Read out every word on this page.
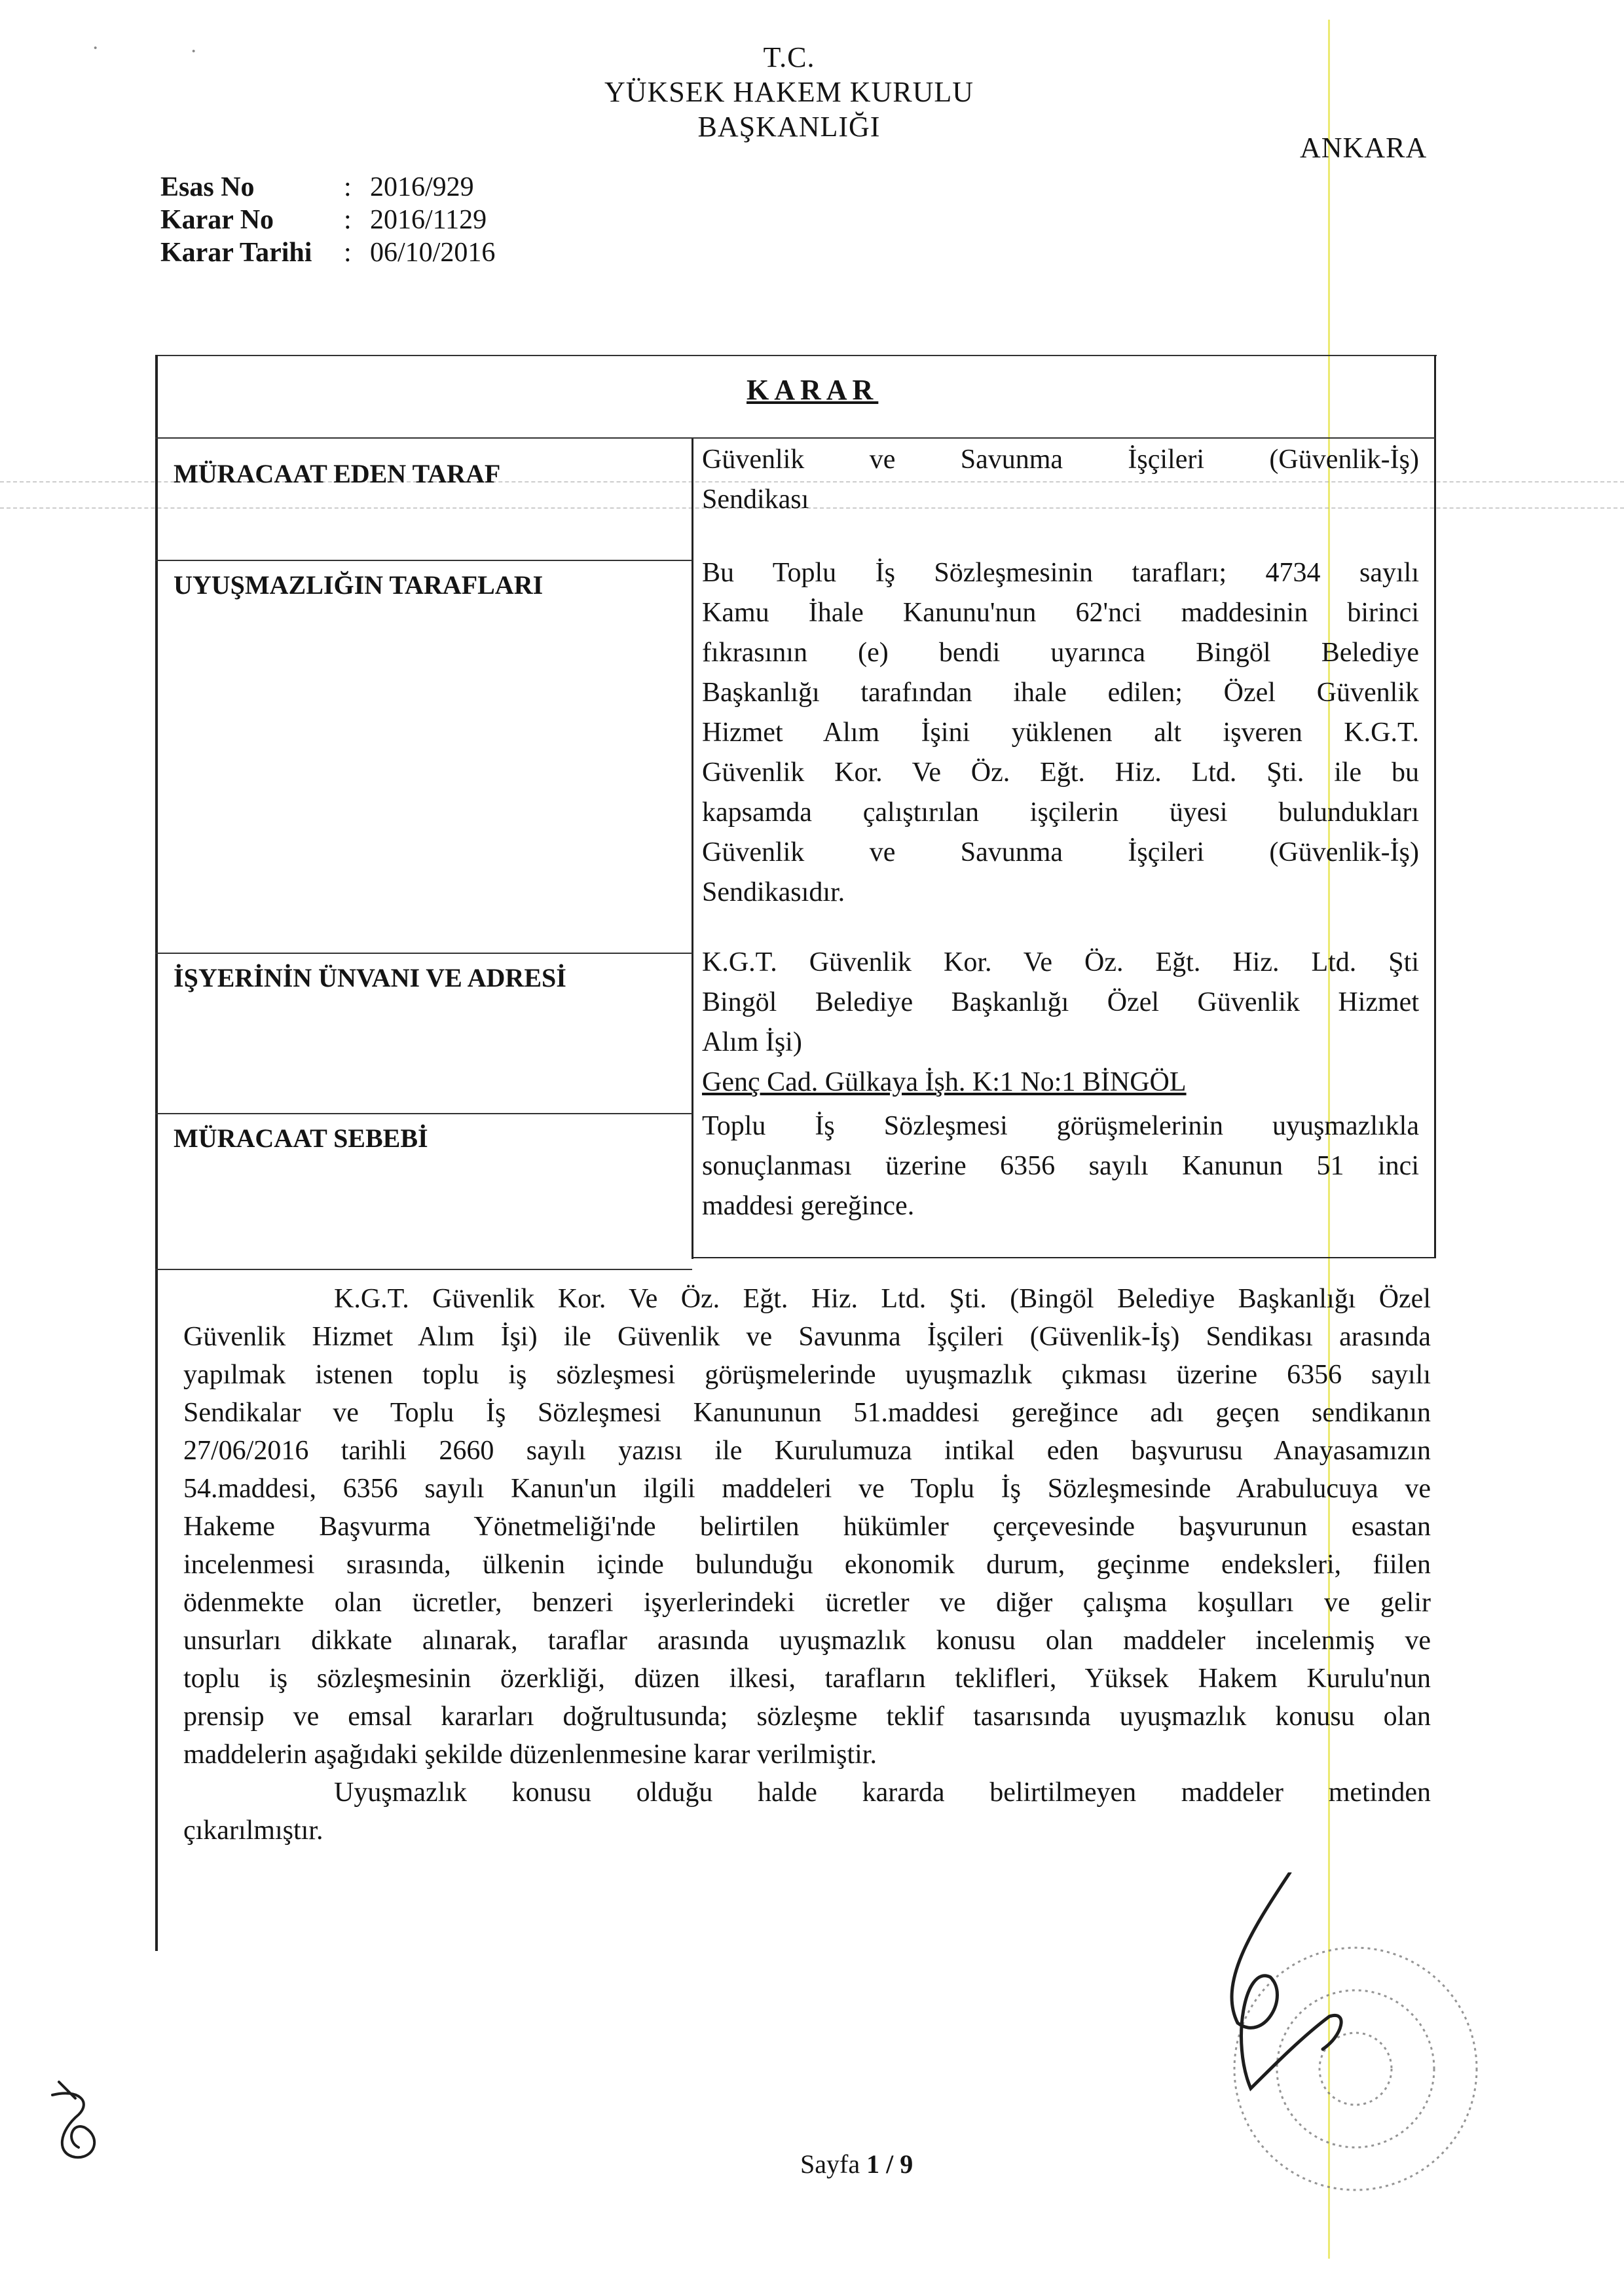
·	·	T.C.
YÜKSEK HAKEM KURULU
BAŞKANLIĞI
ANKARA
Esas No	: 2016/929
Karar No	: 2016/1129
Karar Tarihi	: 06/10/2016
KARAR
MÜRACAAT EDEN TARAF	Güvenlik ve Savunma İşçileri (Güvenlik-İş)
Sendikası
UYUŞMAZLIĞIN TARAFLARI	Bu Toplu İş Sözleşmesinin tarafları; 4734 sayılı
Kamu İhale Kanunu'nun 62'nci maddesinin birinci
fıkrasının (e) bendi uyarınca Bingöl Belediye
Başkanlığı tarafından ihale edilen; Özel Güvenlik
Hizmet Alım İşini yüklenen alt işveren K.G.T.
Güvenlik Kor. Ve Öz. Eğt. Hiz. Ltd. Şti. ile bu
kapsamda çalıştırılan işçilerin üyesi bulundukları
Güvenlik ve Savunma İşçileri (Güvenlik-İş)
Sendikasıdır.
İŞYERİNİN ÜNVANI VE ADRESİ
K.G.T. Güvenlik Kor. Ve Öz. Eğt. Hiz. Ltd. Şti
Bingöl Belediye Başkanlığı Özel Güvenlik Hizmet
Alım İşi)
Genç Cad. Gülkaya İşh. K:1 No:1 BİNGÖL
MÜRACAAT SEBEBİ	Toplu İş Sözleşmesi görüşmelerinin uyuşmazlıkla
sonuçlanması üzerine 6356 sayılı Kanunun 51 inci
maddesi gereğince.
K.G.T. Güvenlik Kor. Ve Öz. Eğt. Hiz. Ltd. Şti. (Bingöl Belediye Başkanlığı Özel
Güvenlik Hizmet Alım İşi) ile Güvenlik ve Savunma İşçileri (Güvenlik-İş) Sendikası arasında
yapılmak istenen toplu iş sözleşmesi görüşmelerinde uyuşmazlık çıkması üzerine 6356 sayılı
Sendikalar ve Toplu İş Sözleşmesi Kanununun 51.maddesi gereğince adı geçen sendikanın
27/06/2016 tarihli 2660 sayılı yazısı ile Kurulumuza intikal eden başvurusu Anayasamızın
54.maddesi, 6356 sayılı Kanun'un ilgili maddeleri ve Toplu İş Sözleşmesinde Arabulucuya ve
Hakeme Başvurma Yönetmeliği'nde belirtilen hükümler çerçevesinde başvurunun esastan
incelenmesi sırasında, ülkenin içinde bulunduğu ekonomik durum, geçinme endeksleri, fiilen
ödenmekte olan ücretler, benzeri işyerlerindeki ücretler ve diğer çalışma koşulları ve gelir
unsurları dikkate alınarak, taraflar arasında uyuşmazlık konusu olan maddeler incelenmiş ve
toplu iş sözleşmesinin özerkliği, düzen ilkesi, tarafların teklifleri, Yüksek Hakem Kurulu'nun
prensip ve emsal kararları doğrultusunda; sözleşme teklif tasarısında uyuşmazlık konusu olan
maddelerin aşağıdaki şekilde düzenlenmesine karar verilmiştir.
Uyuşmazlık konusu olduğu halde kararda belirtilmeyen maddeler metinden
çıkarılmıştır.
Sayfa 1 / 9
